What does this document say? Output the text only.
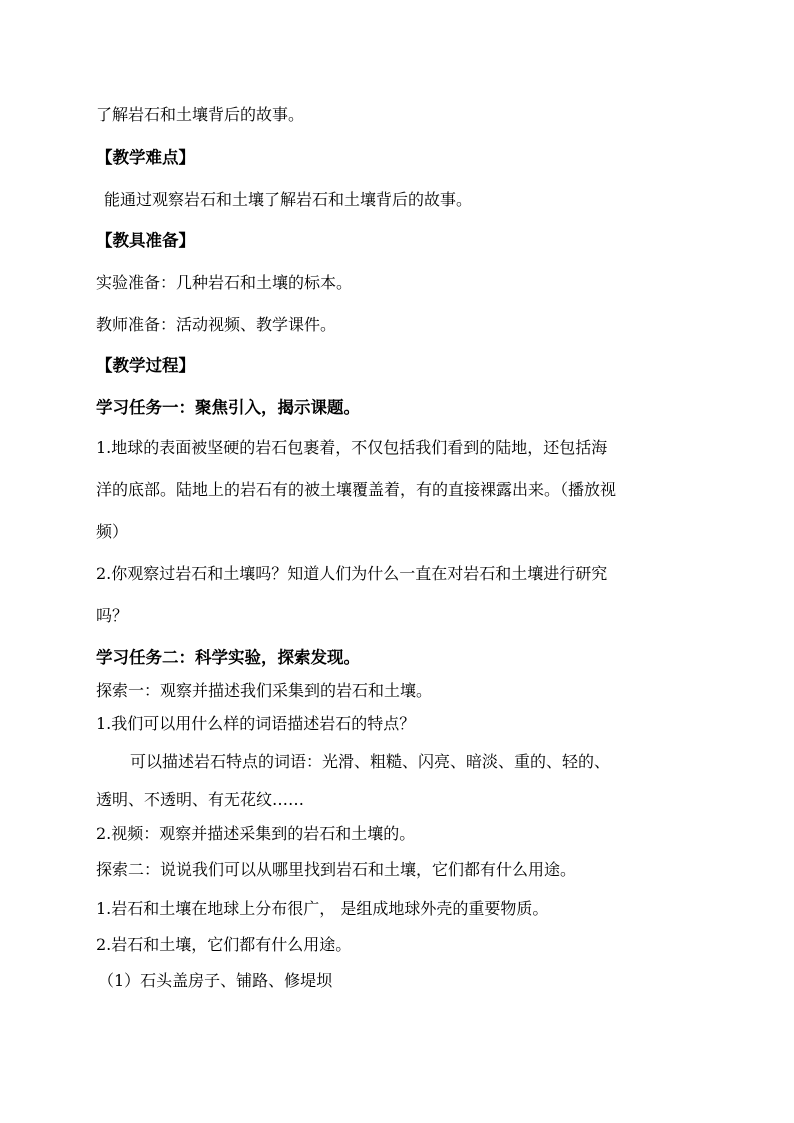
了解岩石和土壤背后的故事。
【教学难点】
能通过观察岩石和土壤了解岩石和土壤背后的故事。
【教具准备】
实验准备：几种岩石和土壤的标本。
教师准备：活动视频、教学课件。
【教学过程】
学习任务一：聚焦引入，揭示课题。
1.地球的表面被坚硬的岩石包裹着，不仅包括我们看到的陆地，还包括海
洋的底部。陆地上的岩石有的被土壤覆盖着，有的直接裸露出来。（播放视
频）
2.你观察过岩石和土壤吗？知道人们为什么一直在对岩石和土壤进行研究
吗？
学习任务二：科学实验，探索发现。
探索一：观察并描述我们采集到的岩石和土壤。
1.我们可以用什么样的词语描述岩石的特点？
可以描述岩石特点的词语：光滑、粗糙、闪亮、暗淡、重的、轻的、
透明、不透明、有无花纹……
2.视频：观察并描述采集到的岩石和土壤的。
探索二：说说我们可以从哪里找到岩石和土壤，它们都有什么用途。
1.岩石和土壤在地球上分布很广， 是组成地球外壳的重要物质。
2.岩石和土壤，它们都有什么用途。
（1）石头盖房子、铺路、修堤坝
